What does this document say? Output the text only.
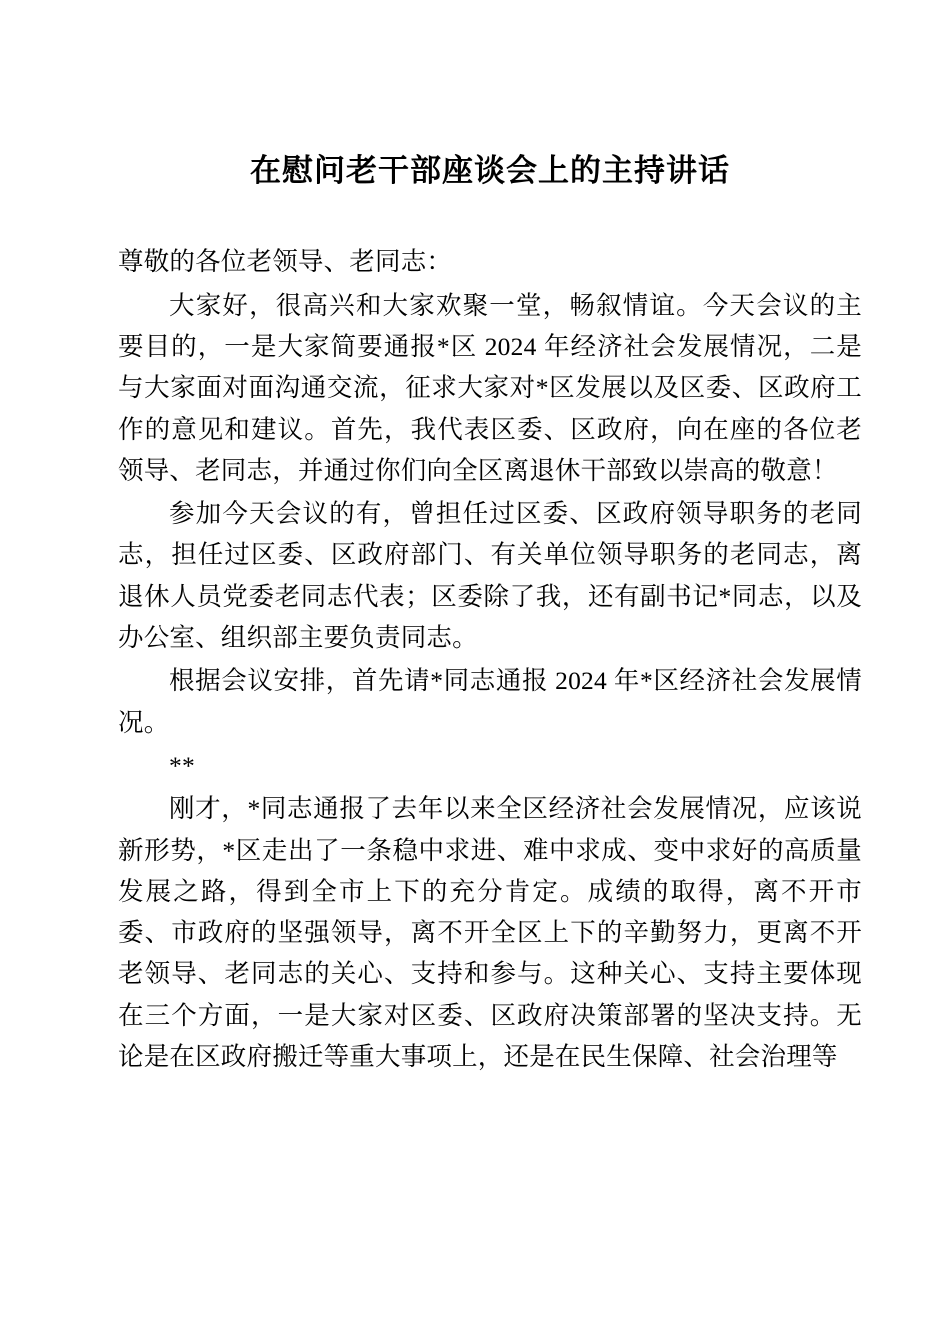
在慰问老干部座谈会上的主持讲话

尊敬的各位老领导、老同志：

大家好，很高兴和大家欢聚一堂，畅叙情谊。今天会议的主要目的，一是大家简要通报*区 2024 年经济社会发展情况，二是与大家面对面沟通交流，征求大家对*区发展以及区委、区政府工作的意见和建议。首先，我代表区委、区政府，向在座的各位老领导、老同志，并通过你们向全区离退休干部致以崇高的敬意！

参加今天会议的有，曾担任过区委、区政府领导职务的老同志，担任过区委、区政府部门、有关单位领导职务的老同志，离退休人员党委老同志代表；区委除了我，还有副书记*同志，以及办公室、组织部主要负责同志。

根据会议安排，首先请*同志通报 2024 年*区经济社会发展情况。

**

刚才，*同志通报了去年以来全区经济社会发展情况，应该说新形势，*区走出了一条稳中求进、难中求成、变中求好的高质量发展之路，得到全市上下的充分肯定。成绩的取得，离不开市委、市政府的坚强领导，离不开全区上下的辛勤努力，更离不开老领导、老同志的关心、支持和参与。这种关心、支持主要体现在三个方面，一是大家对区委、区政府决策部署的坚决支持。无论是在区政府搬迁等重大事项上，还是在民生保障、社会治理等
